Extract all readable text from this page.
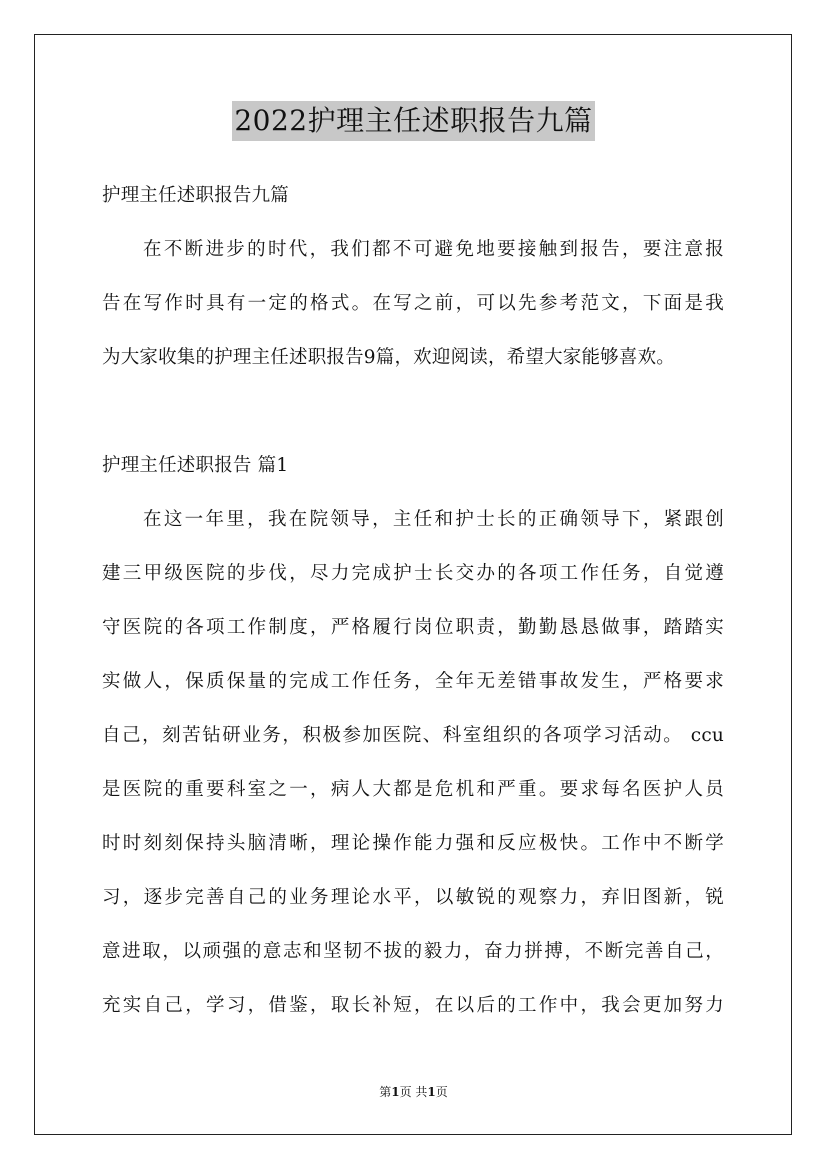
2022护理主任述职报告九篇
护理主任述职报告九篇
在不断进步的时代，我们都不可避免地要接触到报告，要注意报
告在写作时具有一定的格式。在写之前，可以先参考范文，下面是我
为大家收集的护理主任述职报告9篇，欢迎阅读，希望大家能够喜欢。
护理主任述职报告 篇1
在这一年里，我在院领导，主任和护士长的正确领导下，紧跟创
建三甲级医院的步伐，尽力完成护士长交办的各项工作任务，自觉遵
守医院的各项工作制度，严格履行岗位职责，勤勤恳恳做事，踏踏实
实做人，保质保量的完成工作任务，全年无差错事故发生，严格要求
自己，刻苦钻研业务，积极参加医院、科室组织的各项学习活动。 ccu
是医院的重要科室之一，病人大都是危机和严重。要求每名医护人员
时时刻刻保持头脑清晰，理论操作能力强和反应极快。工作中不断学
习，逐步完善自己的业务理论水平，以敏锐的观察力，弃旧图新，锐
意进取，以顽强的意志和坚韧不拔的毅力，奋力拼搏，不断完善自己，
充实自己，学习，借鉴，取长补短，在以后的工作中，我会更加努力
第1页 共1页
